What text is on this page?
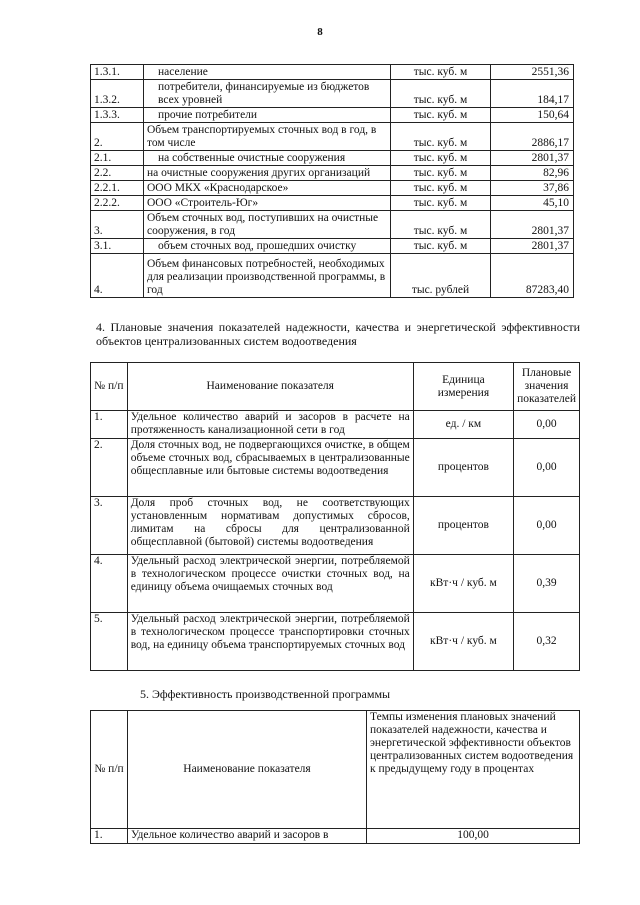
8
1.3.1.	население	тыс. куб. м	2551,36
1.3.2.	потребители, финансируемые из бюджетов всех уровней	тыс. куб. м	184,17
1.3.3.	прочие потребители	тыс. куб. м	150,64
2.	Объем транспортируемых сточных вод в год, в том числе	тыс. куб. м	2886,17
2.1.	на собственные очистные сооружения	тыс. куб. м	2801,37
2.2.	на очистные сооружения других организаций	тыс. куб. м	82,96
2.2.1.	ООО МКХ «Краснодарское»	тыс. куб. м	37,86
2.2.2.	ООО «Строитель-Юг»	тыс. куб. м	45,10
3.	Объем сточных вод, поступивших на очистные сооружения, в год	тыс. куб. м	2801,37
3.1.	объем сточных вод, прошедших очистку	тыс. куб. м	2801,37
4.	Объем финансовых потребностей, необходимых для реализации производственной программы, в год	тыс. рублей	87283,40
4. Плановые значения показателей надежности, качества и энергетической эффективности объектов централизованных систем водоотведения
№ п/п	Наименование показателя	Единица измерения	Плановые значения показателей
1.	Удельное количество аварий и засоров в расчете на протяженность канализационной сети в год	ед. / км	0,00
2.	Доля сточных вод, не подвергающихся очистке, в общем объеме сточных вод, сбрасываемых в централизованные общесплавные или бытовые системы водоотведения	процентов	0,00
3.	Доля проб сточных вод, не соответствующих установленным нормативам допустимых сбросов, лимитам на сбросы для централизованной общесплавной (бытовой) системы водоотведения	процентов	0,00
4.	Удельный расход электрической энергии, потребляемой в технологическом процессе очистки сточных вод, на единицу объема очищаемых сточных вод	кВт·ч / куб. м	0,39
5.	Удельный расход электрической энергии, потребляемой в технологическом процессе транспортировки сточных вод, на единицу объема транспортируемых сточных вод	кВт·ч / куб. м	0,32
5. Эффективность производственной программы
№ п/п	Наименование показателя	Темпы изменения плановых значений показателей надежности, качества и энергетической эффективности объектов централизованных систем водоотведения к предыдущему году в процентах
1.	Удельное количество аварий и засоров в	100,00
